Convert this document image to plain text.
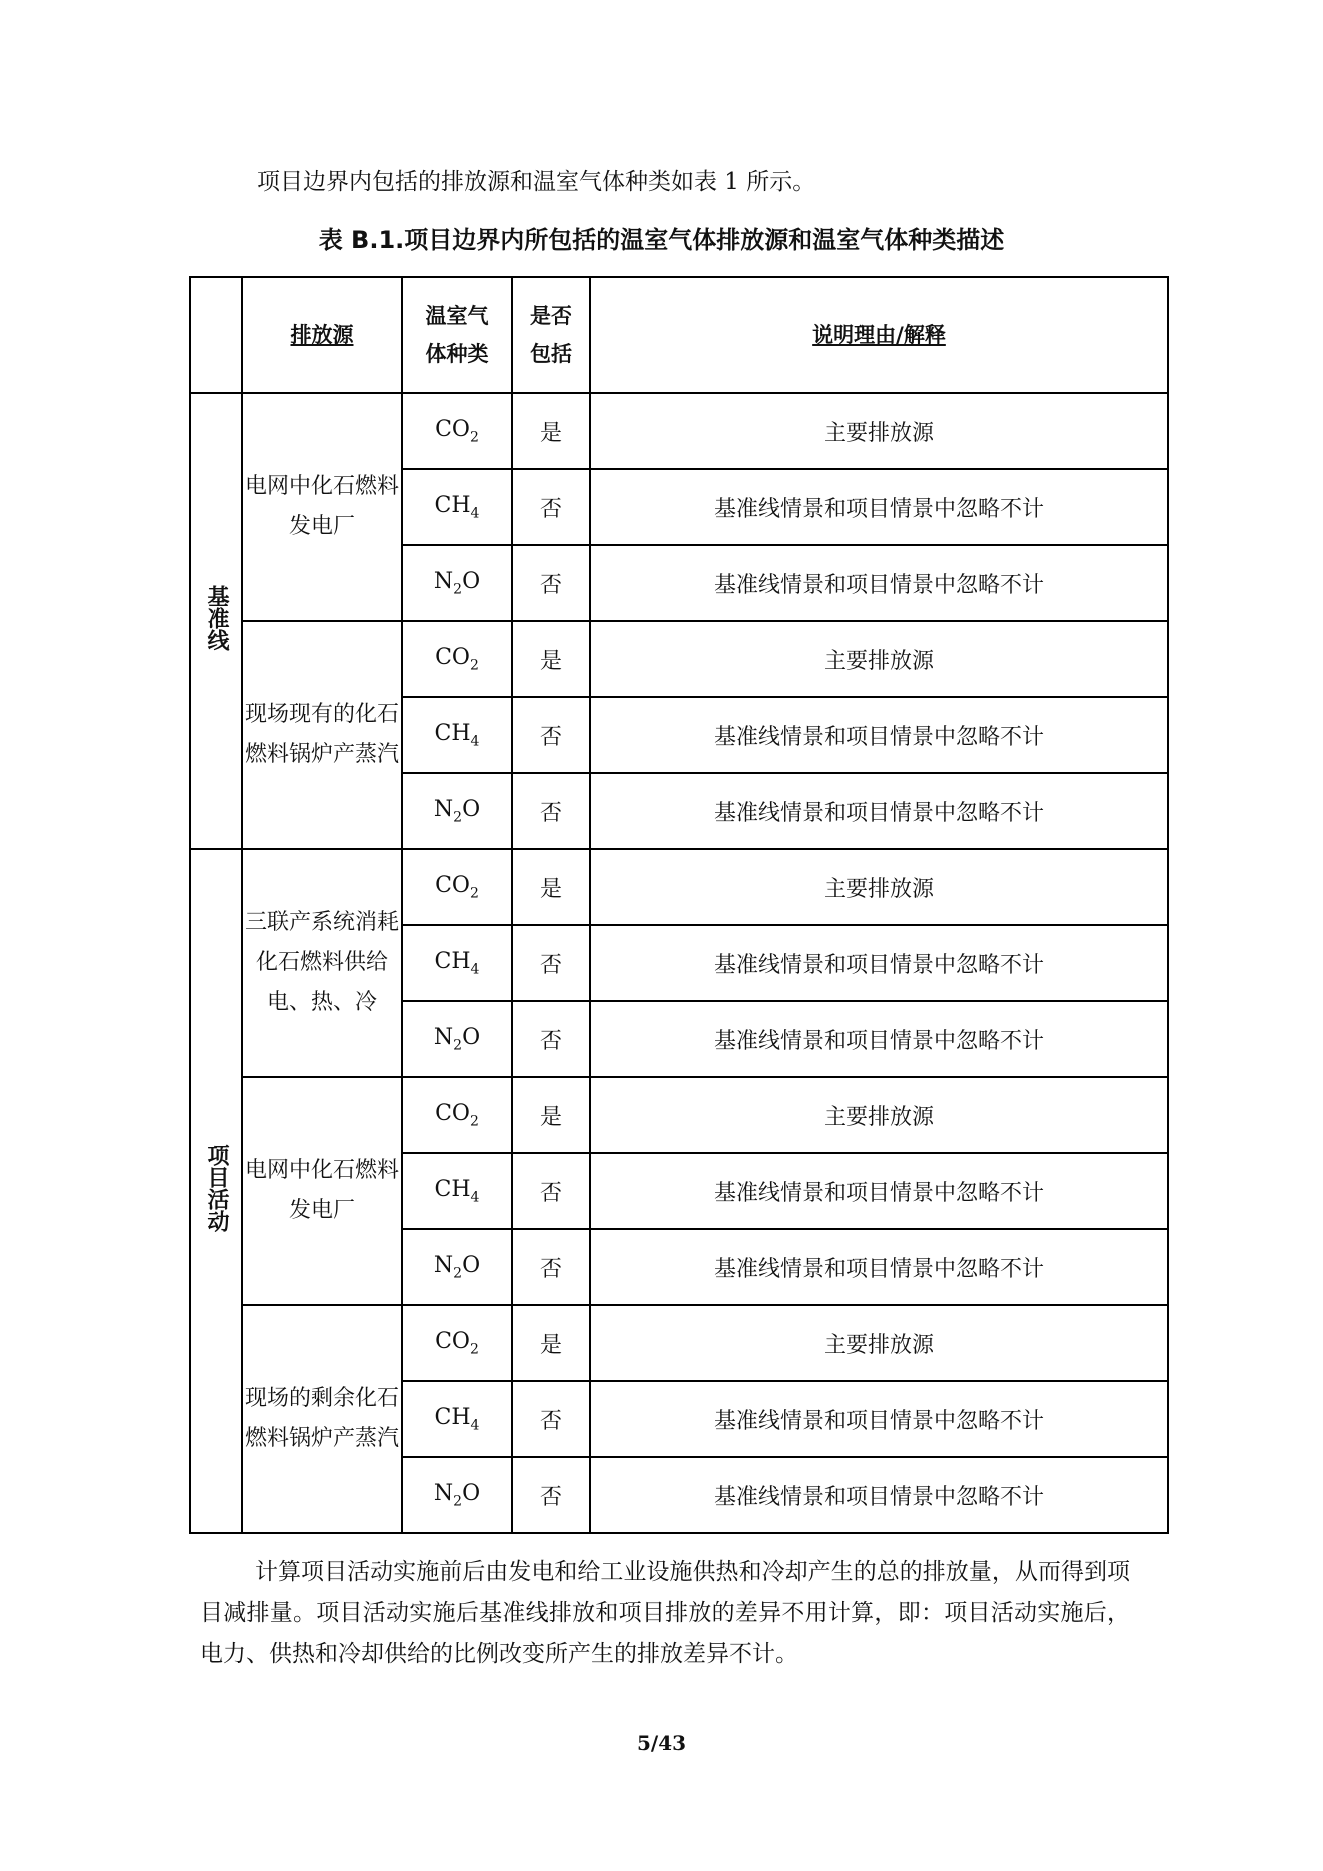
项目边界内包括的排放源和温室气体种类如表 1 所示。
表 B.1.项目边界内所包括的温室气体排放源和温室气体种类描述
	排放源	温室气体种类	是否包括	说明理由/解释
基准线	电网中化石燃料发电厂	$CO_2$	是	主要排放源
		$CH_4$	否	基准线情景和项目情景中忽略不计
		$N_2O$	否	基准线情景和项目情景中忽略不计
	现场现有的化石燃料锅炉产蒸汽	$CO_2$	是	主要排放源
		$CH_4$	否	基准线情景和项目情景中忽略不计
		$N_2O$	否	基准线情景和项目情景中忽略不计
项目活动	三联产系统消耗化石燃料供给电、热、冷	$CO_2$	是	主要排放源
		$CH_4$	否	基准线情景和项目情景中忽略不计
		$N_2O$	否	基准线情景和项目情景中忽略不计
	电网中化石燃料发电厂	$CO_2$	是	主要排放源
		$CH_4$	否	基准线情景和项目情景中忽略不计
		$N_2O$	否	基准线情景和项目情景中忽略不计
	现场的剩余化石燃料锅炉产蒸汽	$CO_2$	是	主要排放源
		$CH_4$	否	基准线情景和项目情景中忽略不计
		$N_2O$	否	基准线情景和项目情景中忽略不计
计算项目活动实施前后由发电和给工业设施供热和冷却产生的总的排放量，从而得到项目减排量。项目活动实施后基准线排放和项目排放的差异不用计算，即：项目活动实施后，电力、供热和冷却供给的比例改变所产生的排放差异不计。
5/43
